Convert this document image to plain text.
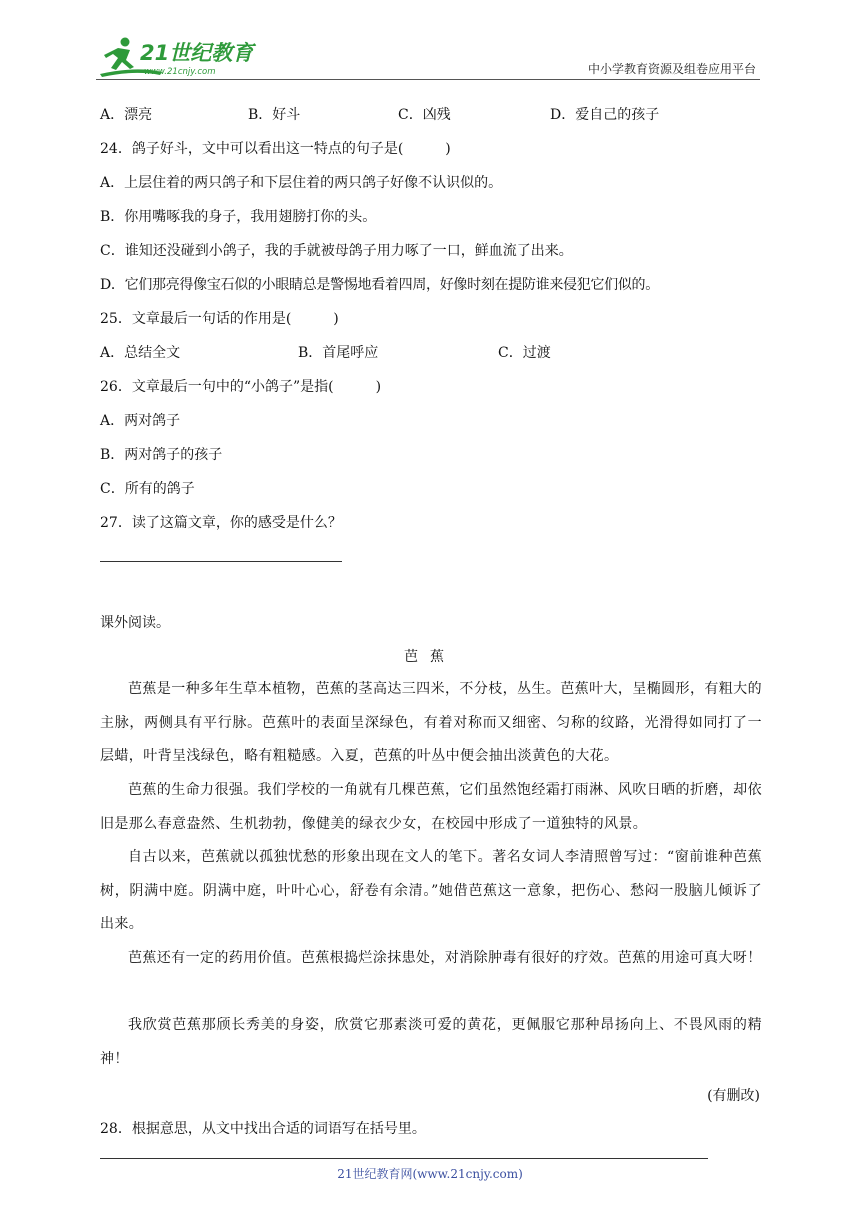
21世纪教育
www.21cnjy.com	中小学教育资源及组卷应用平台
A．漂亮	B．好斗	C．凶残	D．爱自己的孩子
24．鸽子好斗，文中可以看出这一特点的句子是(　　　)
A．上层住着的两只鸽子和下层住着的两只鸽子好像不认识似的。
B．你用嘴啄我的身子，我用翅膀打你的头。
C．谁知还没碰到小鸽子，我的手就被母鸽子用力啄了一口，鲜血流了出来。
D．它们那亮得像宝石似的小眼睛总是警惕地看着四周，好像时刻在提防谁来侵犯它们似的。
25．文章最后一句话的作用是(　　　)
A．总结全文	B．首尾呼应	C．过渡
26．文章最后一句中的“小鸽子”是指(　　　)
A．两对鸽子
B．两对鸽子的孩子
C．所有的鸽子
27．读了这篇文章，你的感受是什么？
课外阅读。
芭蕉

芭蕉是一种多年生草本植物，芭蕉的茎高达三四米，不分枝，丛生。芭蕉叶大，呈椭圆形，有粗大的主脉，两侧具有平行脉。芭蕉叶的表面呈深绿色，有着对称而又细密、匀称的纹路，光滑得如同打了一层蜡，叶背呈浅绿色，略有粗糙感。入夏，芭蕉的叶丛中便会抽出淡黄色的大花。

芭蕉的生命力很强。我们学校的一角就有几棵芭蕉，它们虽然饱经霜打雨淋、风吹日晒的折磨，却依旧是那么春意盎然、生机勃勃，像健美的绿衣少女，在校园中形成了一道独特的风景。

自古以来，芭蕉就以孤独忧愁的形象出现在文人的笔下。著名女词人李清照曾写过：“窗前谁种芭蕉树，阴满中庭。阴满中庭，叶叶心心，舒卷有余清。”她借芭蕉这一意象，把伤心、愁闷一股脑儿倾诉了出来。

芭蕉还有一定的药用价值。芭蕉根捣烂涂抹患处，对消除肿毒有很好的疗效。芭蕉的用途可真大呀！

我欣赏芭蕉那颀长秀美的身姿，欣赏它那素淡可爱的黄花，更佩服它那种昂扬向上、不畏风雨的精神！

(有删改)
28．根据意思，从文中找出合适的词语写在括号里。
21世纪教育网(www.21cnjy.com)
